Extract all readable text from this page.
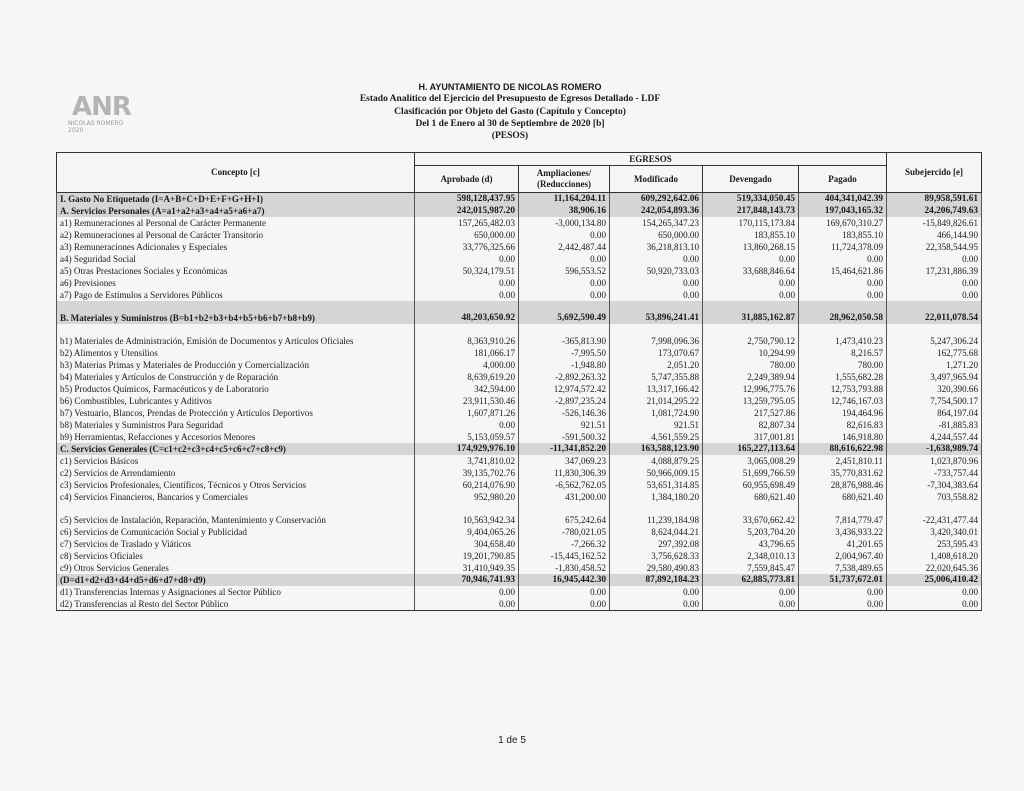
ANR
NICOLAS ROMERO
2020
H. AYUNTAMIENTO DE NICOLAS ROMERO
Estado Analítico del Ejercicio del Presupuesto de Egresos Detallado - LDF
Clasificación por Objeto del Gasto (Capítulo y Concepto)
Del 1 de Enero al 30 de Septiembre de 2020 [b]
(PESOS)
Concepto [c]	EGRESOS					Subejercido [e]
	Aprobado (d)	Ampliaciones/ (Reducciones)	Modificado	Devengado	Pagado	
I. Gasto No Etiquetado (I=A+B+C+D+E+F+G+H+I)	598,128,437.95	11,164,204.11	609,292,642.06	519,334,050.45	404,341,042.39	89,958,591.61
A. Servicios Personales (A=a1+a2+a3+a4+a5+a6+a7)	242,015,987.20	38,906.16	242,054,893.36	217,848,143.73	197,043,165.32	24,206,749.63
a1) Remuneraciones al Personal de Carácter Permanente	157,265,482.03	-3,000,134.80	154,265,347.23	170,115,173.84	169,670,310.27	-15,849,826.61
a2) Remuneraciones al Personal de Carácter Transitorio	650,000.00	0.00	650,000.00	183,855.10	183,855.10	466,144.90
a3) Remuneraciones Adicionales y Especiales	33,776,325.66	2,442,487.44	36,218,813.10	13,860,268.15	11,724,378.09	22,358,544.95
a4) Seguridad Social	0.00	0.00	0.00	0.00	0.00	0.00
a5) Otras Prestaciones Sociales y Económicas	50,324,179.51	596,553.52	50,920,733.03	33,688,846.64	15,464,621.86	17,231,886.39
a6) Previsiones	0.00	0.00	0.00	0.00	0.00	0.00
a7) Pago de Estímulos a Servidores Públicos	0.00	0.00	0.00	0.00	0.00	0.00
B. Materiales y Suministros (B=b1+b2+b3+b4+b5+b6+b7+b8+b9)	48,203,650.92	5,692,590.49	53,896,241.41	31,885,162.87	28,962,050.58	22,011,078.54
b1) Materiales de Administración, Emisión de Documentos y Artículos Oficiales	8,363,910.26	-365,813.90	7,998,096.36	2,750,790.12	1,473,410.23	5,247,306.24
b2) Alimentos y Utensilios	181,066.17	-7,995.50	173,070.67	10,294.99	8,216.57	162,775.68
b3) Materias Primas y Materiales de Producción y Comercialización	4,000.00	-1,948.80	2,051.20	780.00	780.00	1,271.20
b4) Materiales y Artículos de Construcción y de Reparación	8,639,619.20	-2,892,263.32	5,747,355.88	2,249,389.94	1,555,682.28	3,497,965.94
b5) Productos Químicos, Farmacéuticos y de Laboratorio	342,594.00	12,974,572.42	13,317,166.42	12,996,775.76	12,753,793.88	320,390.66
b6) Combustibles, Lubricantes y Aditivos	23,911,530.46	-2,897,235.24	21,014,295.22	13,259,795.05	12,746,167.03	7,754,500.17
b7) Vestuario, Blancos, Prendas de Protección y Artículos Deportivos	1,607,871.26	-526,146.36	1,081,724.90	217,527.86	194,464.96	864,197.04
b8) Materiales y Suministros Para Seguridad	0.00	921.51	921.51	82,807.34	82,616.83	-81,885.83
b9) Herramientas, Refacciones y Accesorios Menores	5,153,059.57	-591,500.32	4,561,559.25	317,001.81	146,918.80	4,244,557.44
C. Servicios Generales (C=c1+c2+c3+c4+c5+c6+c7+c8+c9)	174,929,976.10	-11,341,852.20	163,588,123.90	165,227,113.64	88,616,622.98	-1,638,989.74
c1) Servicios Básicos	3,741,810.02	347,069.23	4,088,879.25	3,065,008.29	2,451,810.11	1,023,870.96
c2) Servicios de Arrendamiento	39,135,702.76	11,830,306.39	50,966,009.15	51,699,766.59	35,770,831.62	-733,757.44
c3) Servicios Profesionales, Científicos, Técnicos y Otros Servicios	60,214,076.90	-6,562,762.05	53,651,314.85	60,955,698.49	28,876,988.46	-7,304,383.64
c4) Servicios Financieros, Bancarios y Comerciales	952,980.20	431,200.00	1,384,180.20	680,621.40	680,621.40	703,558.82
c5) Servicios de Instalación, Reparación, Mantenimiento y Conservación	10,563,942.34	675,242.64	11,239,184.98	33,670,662.42	7,814,779.47	-22,431,477.44
c6) Servicios de Comunicación Social y Publicidad	9,404,065.26	-780,021.05	8,624,044.21	5,203,704.20	3,436,933.22	3,420,340.01
c7) Servicios de Traslado y Viáticos	304,658.40	-7,266.32	297,392.08	43,796.65	41,201.65	253,595.43
c8) Servicios Oficiales	19,201,790.85	-15,445,162.52	3,756,628.33	2,348,010.13	2,004,967.40	1,408,618.20
c9) Otros Servicios Generales	31,410,949.35	-1,830,458.52	29,580,490.83	7,559,845.47	7,538,489.65	22,020,645.36
(D=d1+d2+d3+d4+d5+d6+d7+d8+d9)	70,946,741.93	16,945,442.30	87,892,184.23	62,885,773.81	51,737,672.01	25,006,410.42
d1) Transferencias Internas y Asignaciones al Sector Público	0.00	0.00	0.00	0.00	0.00	0.00
d2) Transferencias al Resto del Sector Público	0.00	0.00	0.00	0.00	0.00	0.00
1 de 5
